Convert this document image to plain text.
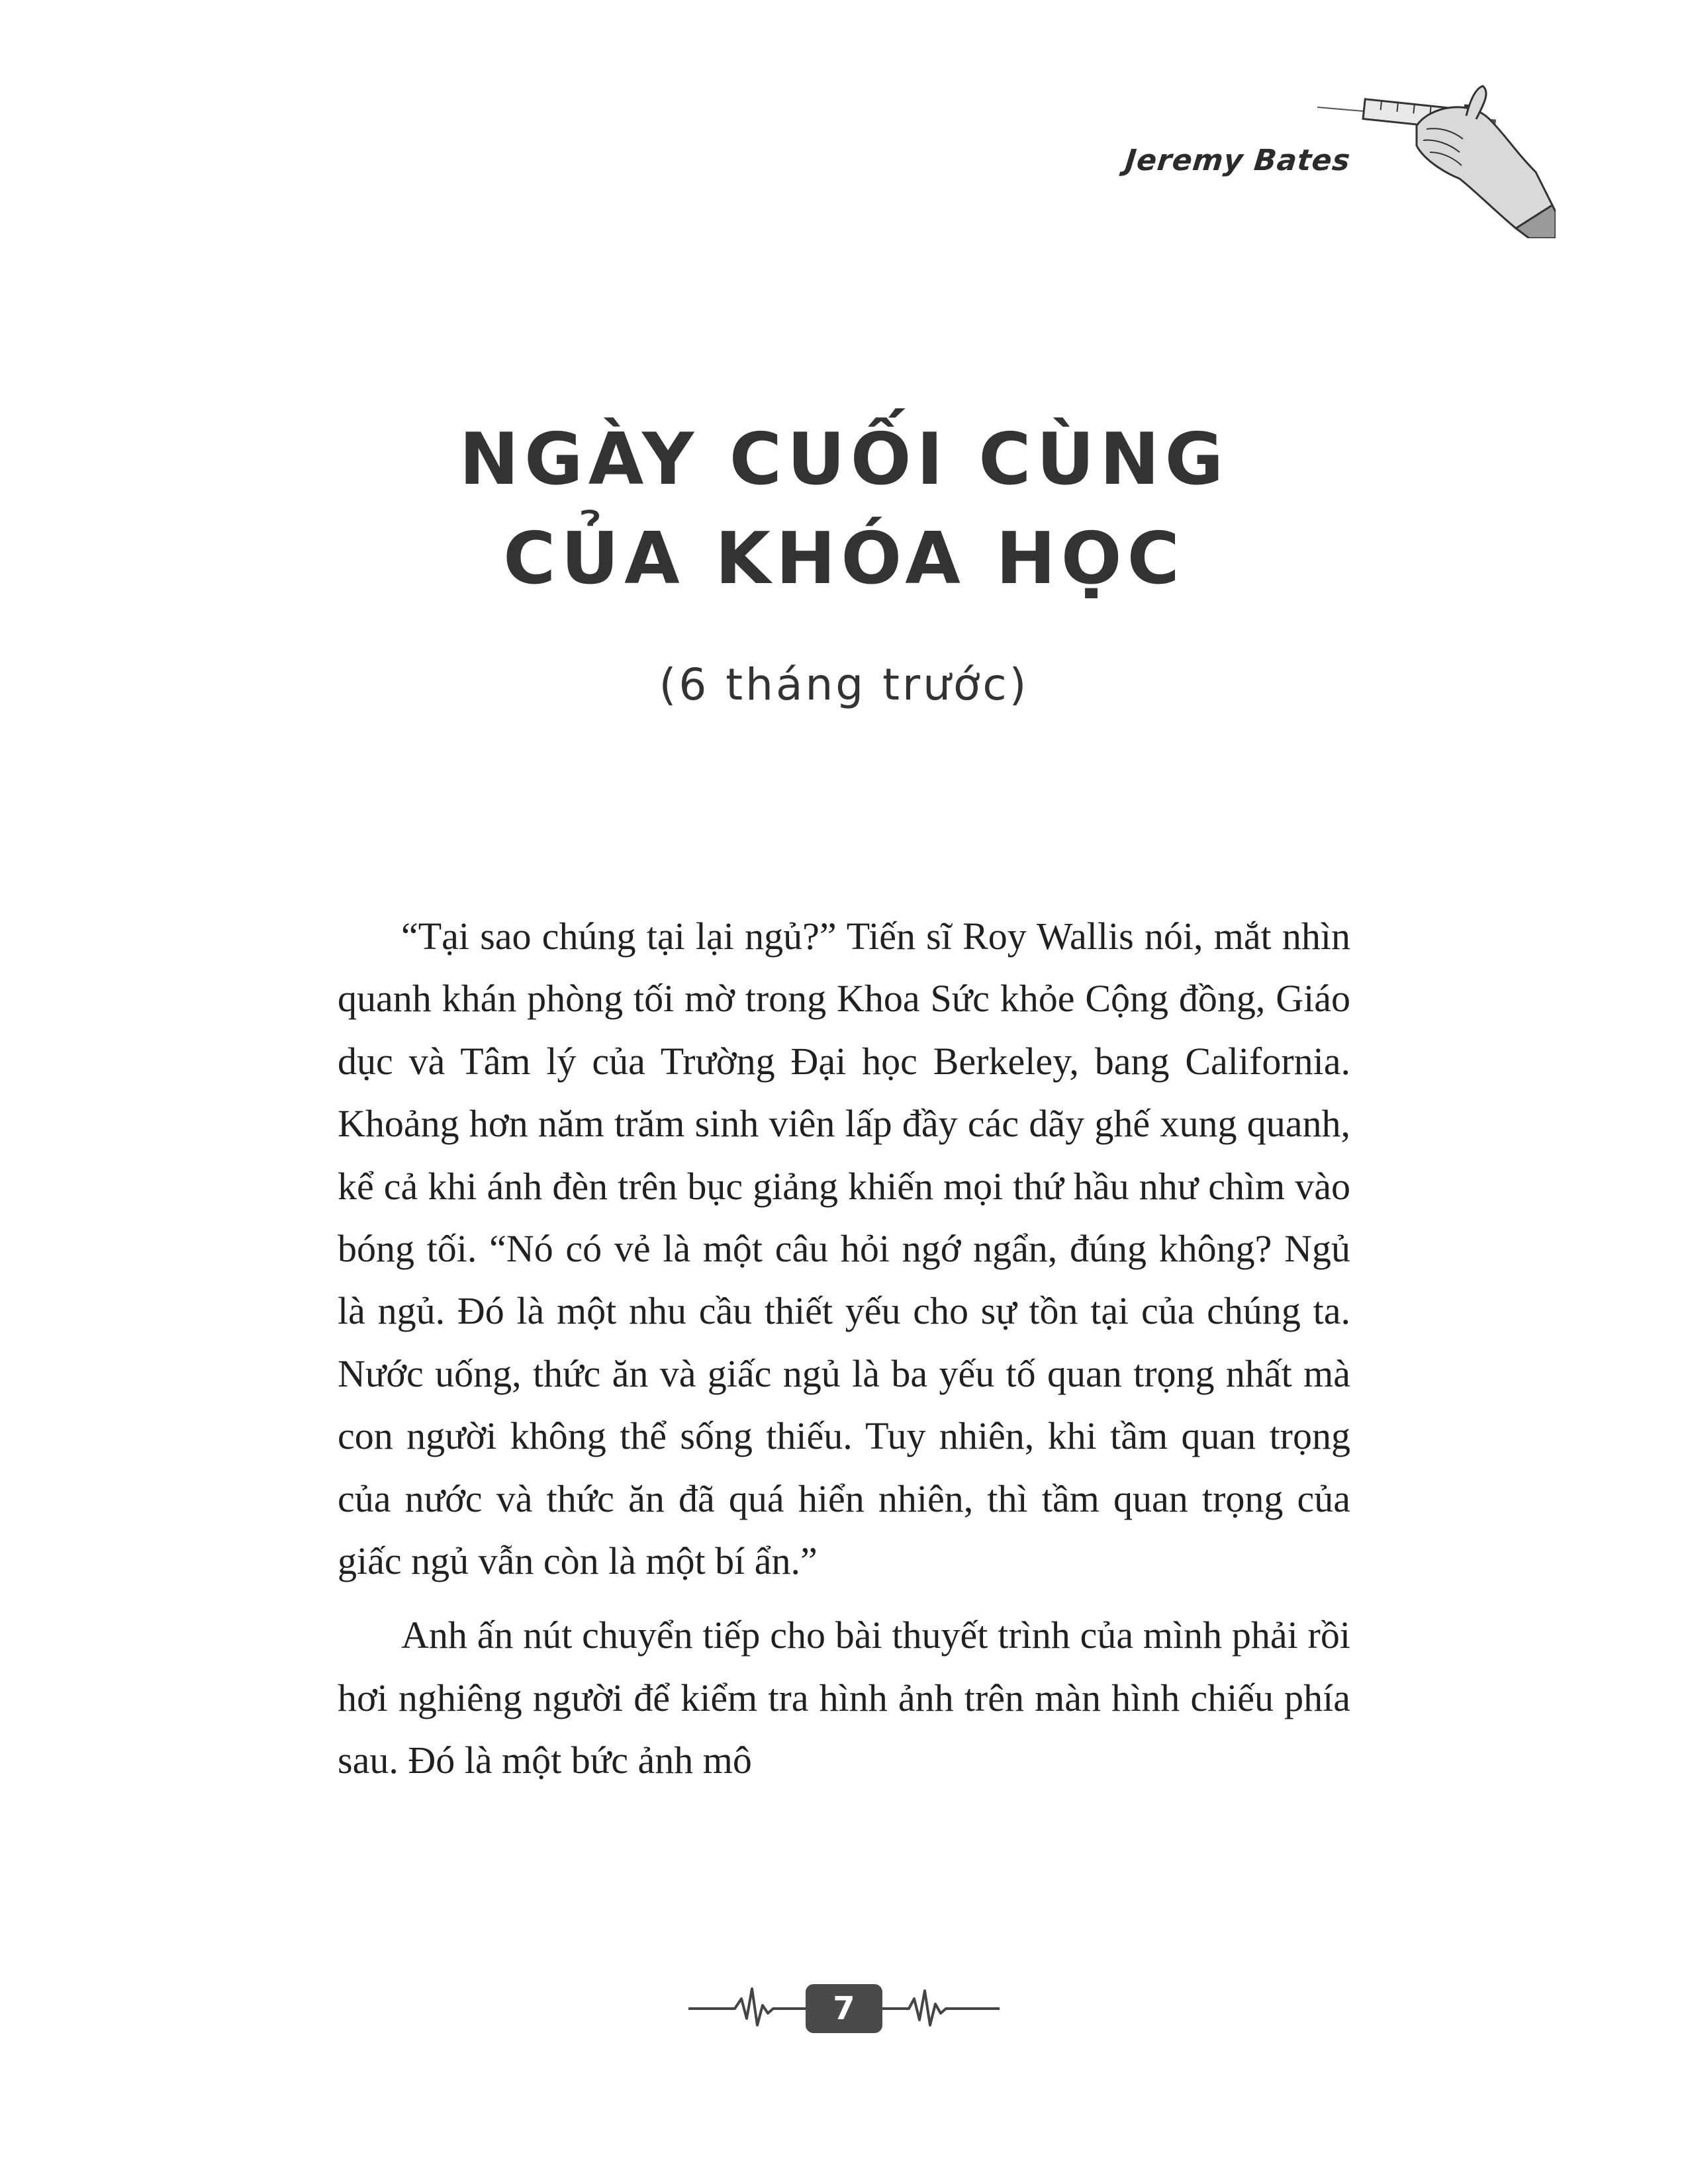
Jeremy Bates
NGÀY CUỐI CÙNG
CỦA KHÓA HỌC
(6 tháng trước)

“Tại sao chúng tại lại ngủ?” Tiến sĩ Roy Wallis nói, mắt nhìn quanh khán phòng tối mờ trong Khoa Sức khỏe Cộng đồng, Giáo dục và Tâm lý của Trường Đại học Berkeley, bang California. Khoảng hơn năm trăm sinh viên lấp đầy các dãy ghế xung quanh, kể cả khi ánh đèn trên bục giảng khiến mọi thứ hầu như chìm vào bóng tối. “Nó có vẻ là một câu hỏi ngớ ngẩn, đúng không? Ngủ là ngủ. Đó là một nhu cầu thiết yếu cho sự tồn tại của chúng ta. Nước uống, thức ăn và giấc ngủ là ba yếu tố quan trọng nhất mà con người không thể sống thiếu. Tuy nhiên, khi tầm quan trọng của nước và thức ăn đã quá hiển nhiên, thì tầm quan trọng của giấc ngủ vẫn còn là một bí ẩn.”

Anh ấn nút chuyển tiếp cho bài thuyết trình của mình phải rồi hơi nghiêng người để kiểm tra hình ảnh trên màn hình chiếu phía sau. Đó là một bức ảnh mô

7
